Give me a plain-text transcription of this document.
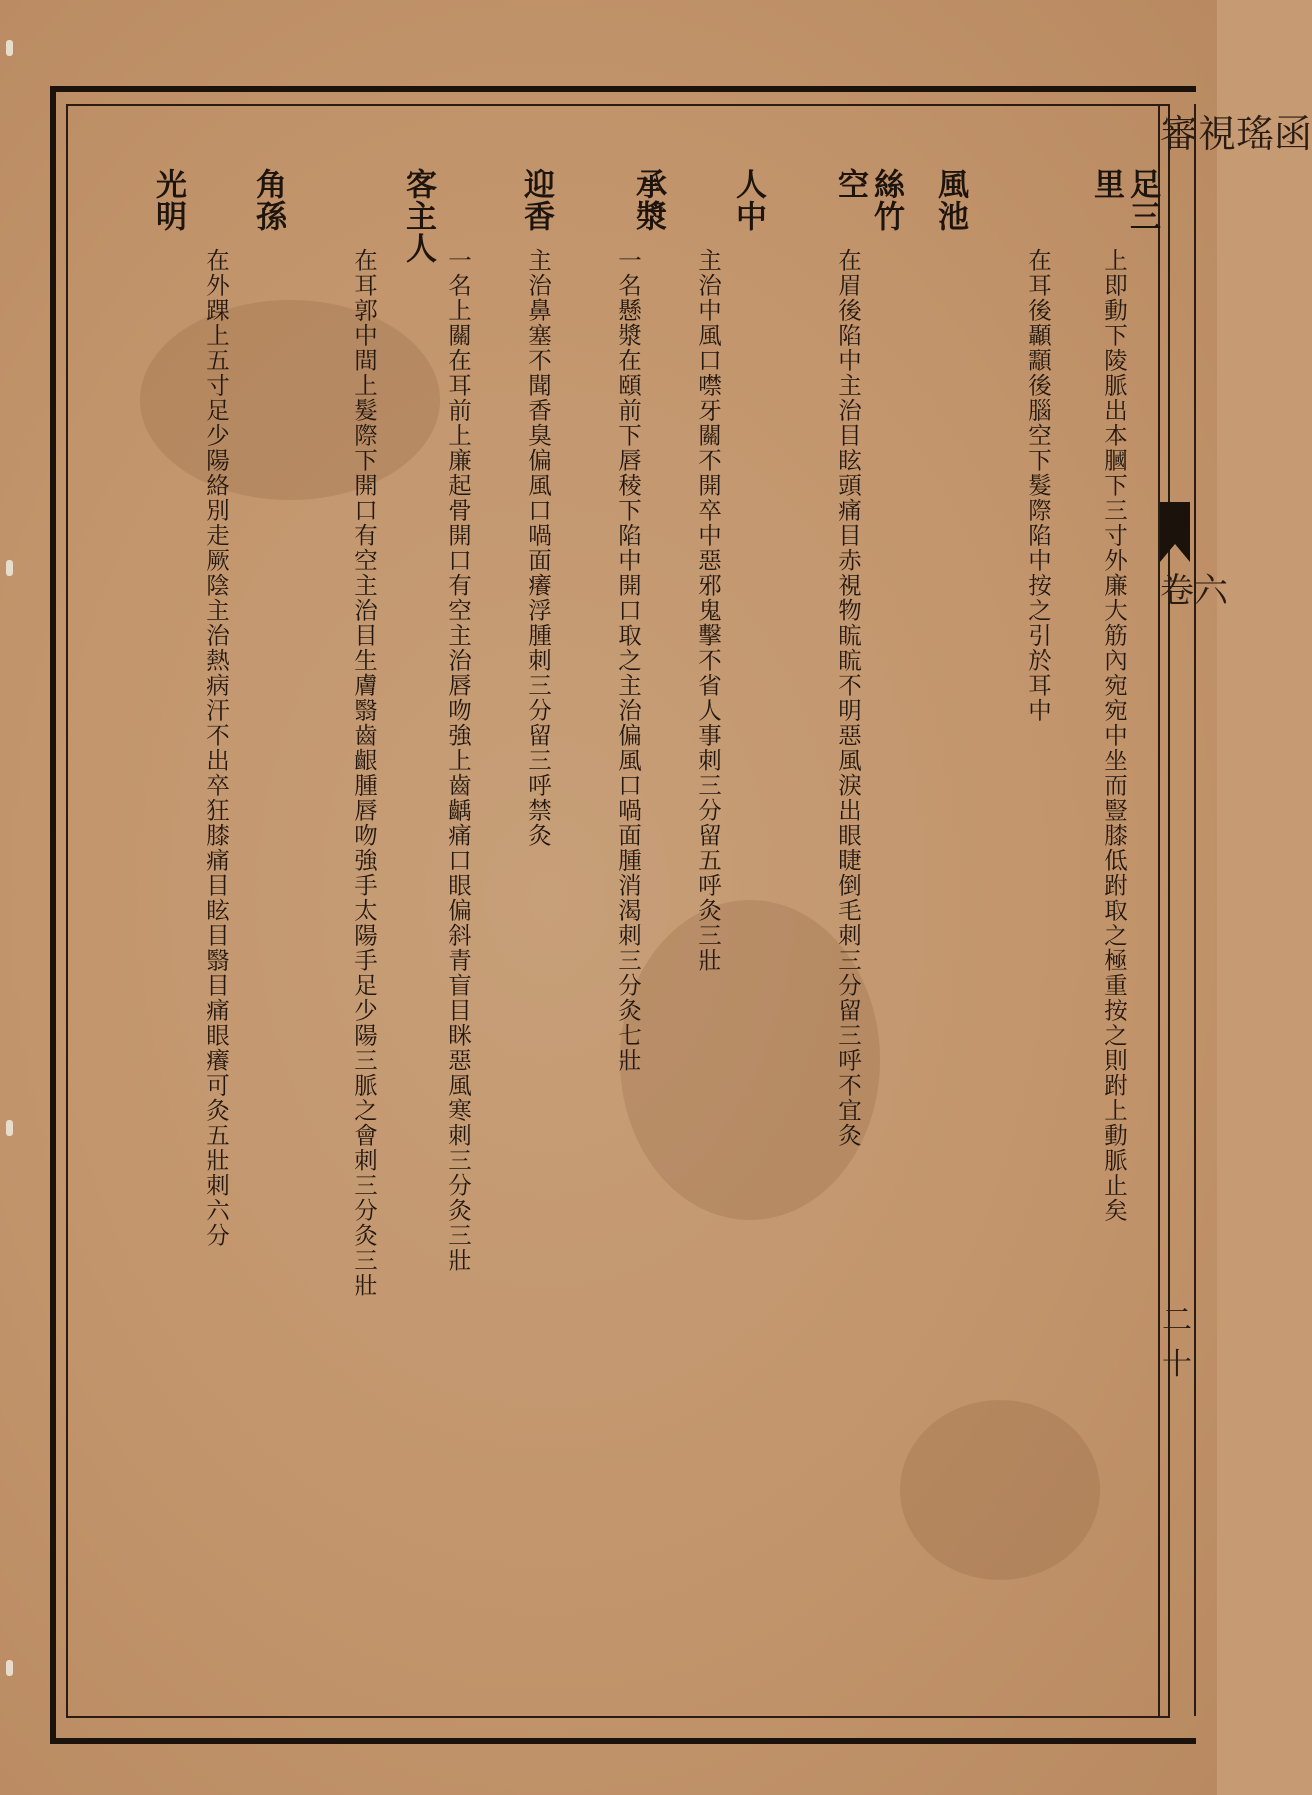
審視瑤函
卷六
二十
足三里
上即動下陵脈出本膕下三寸外廉大筋內宛宛中坐而豎膝低跗取之極重按之則跗上動脈止矣
風池
在耳後顳顬後腦空下髮際陷中按之引於耳中
絲竹空
在眉後陷中主治目眩頭痛目赤視物䀮䀮不明惡風淚出眼睫倒毛刺三分留三呼不宜灸
人中
主治中風口噤牙關不開卒中惡邪鬼擊不省人事刺三分留五呼灸三壯
承漿
一名懸漿在頤前下唇稜下陷中開口取之主治偏風口喎面腫消渴刺三分灸七壯
迎香
主治鼻塞不聞香臭偏風口喎面癢浮腫刺三分留三呼禁灸
客主人
一名上關在耳前上廉起骨開口有空主治唇吻強上齒齲痛口眼偏斜青盲目眯惡風寒刺三分灸三壯
角孫
在耳郭中間上髮際下開口有空主治目生膚翳齒齦腫唇吻強手太陽手足少陽三脈之會刺三分灸三壯
光明
在外踝上五寸足少陽絡別走厥陰主治熱病汗不出卒狂膝痛目眩目翳目痛眼癢可灸五壯刺六分
